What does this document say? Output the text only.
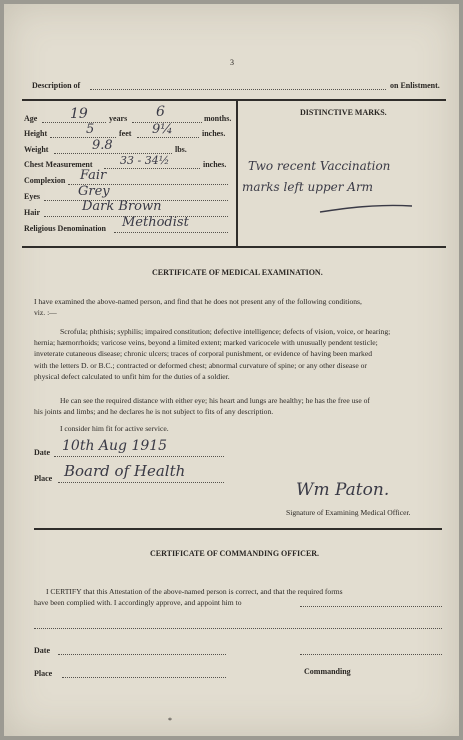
3
Description of	on Enlistment.
Age 19	years 6	months.
Height	5	feet 9¼	inches.
Weight	9.8	lbs.
Chest Measurement 33 - 34½	inches.
Complexion Fair
Eyes	Grey
Hair	Dark Brown
Religious Denomination Methodist
DISTINCTIVE MARKS.
Two recent Vaccination
marks left upper Arm
CERTIFICATE OF MEDICAL EXAMINATION.
I have examined the above-named person, and find that he does not present any of the following conditions,
viz. :—
Scrofula; phthisis; syphilis; impaired constitution; defective intelligence; defects of vision, voice, or hearing;
hernia; hæmorrhoids; varicose veins, beyond a limited extent; marked varicocele with unusually pendent testicle;
inveterate cutaneous disease; chronic ulcers; traces of corporal punishment, or evidence of having been marked
with the letters D. or B.C.; contracted or deformed chest; abnormal curvature of spine; or any other disease or
physical defect calculated to unfit him for the duties of a soldier.
He can see the required distance with either eye; his heart and lungs are healthy; he has the free use of
his joints and limbs; and he declares he is not subject to fits of any description.
I consider him fit for active service.
Date 10th Aug 1915
Place Board of Health
Wm Paton.
Signature of Examining Medical Officer.
CERTIFICATE OF COMMANDING OFFICER.
I CERTIFY that this Attestation of the above-named person is correct, and that the required forms
have been complied with. I accordingly approve, and appoint him to
Date
Place	Commanding
*
